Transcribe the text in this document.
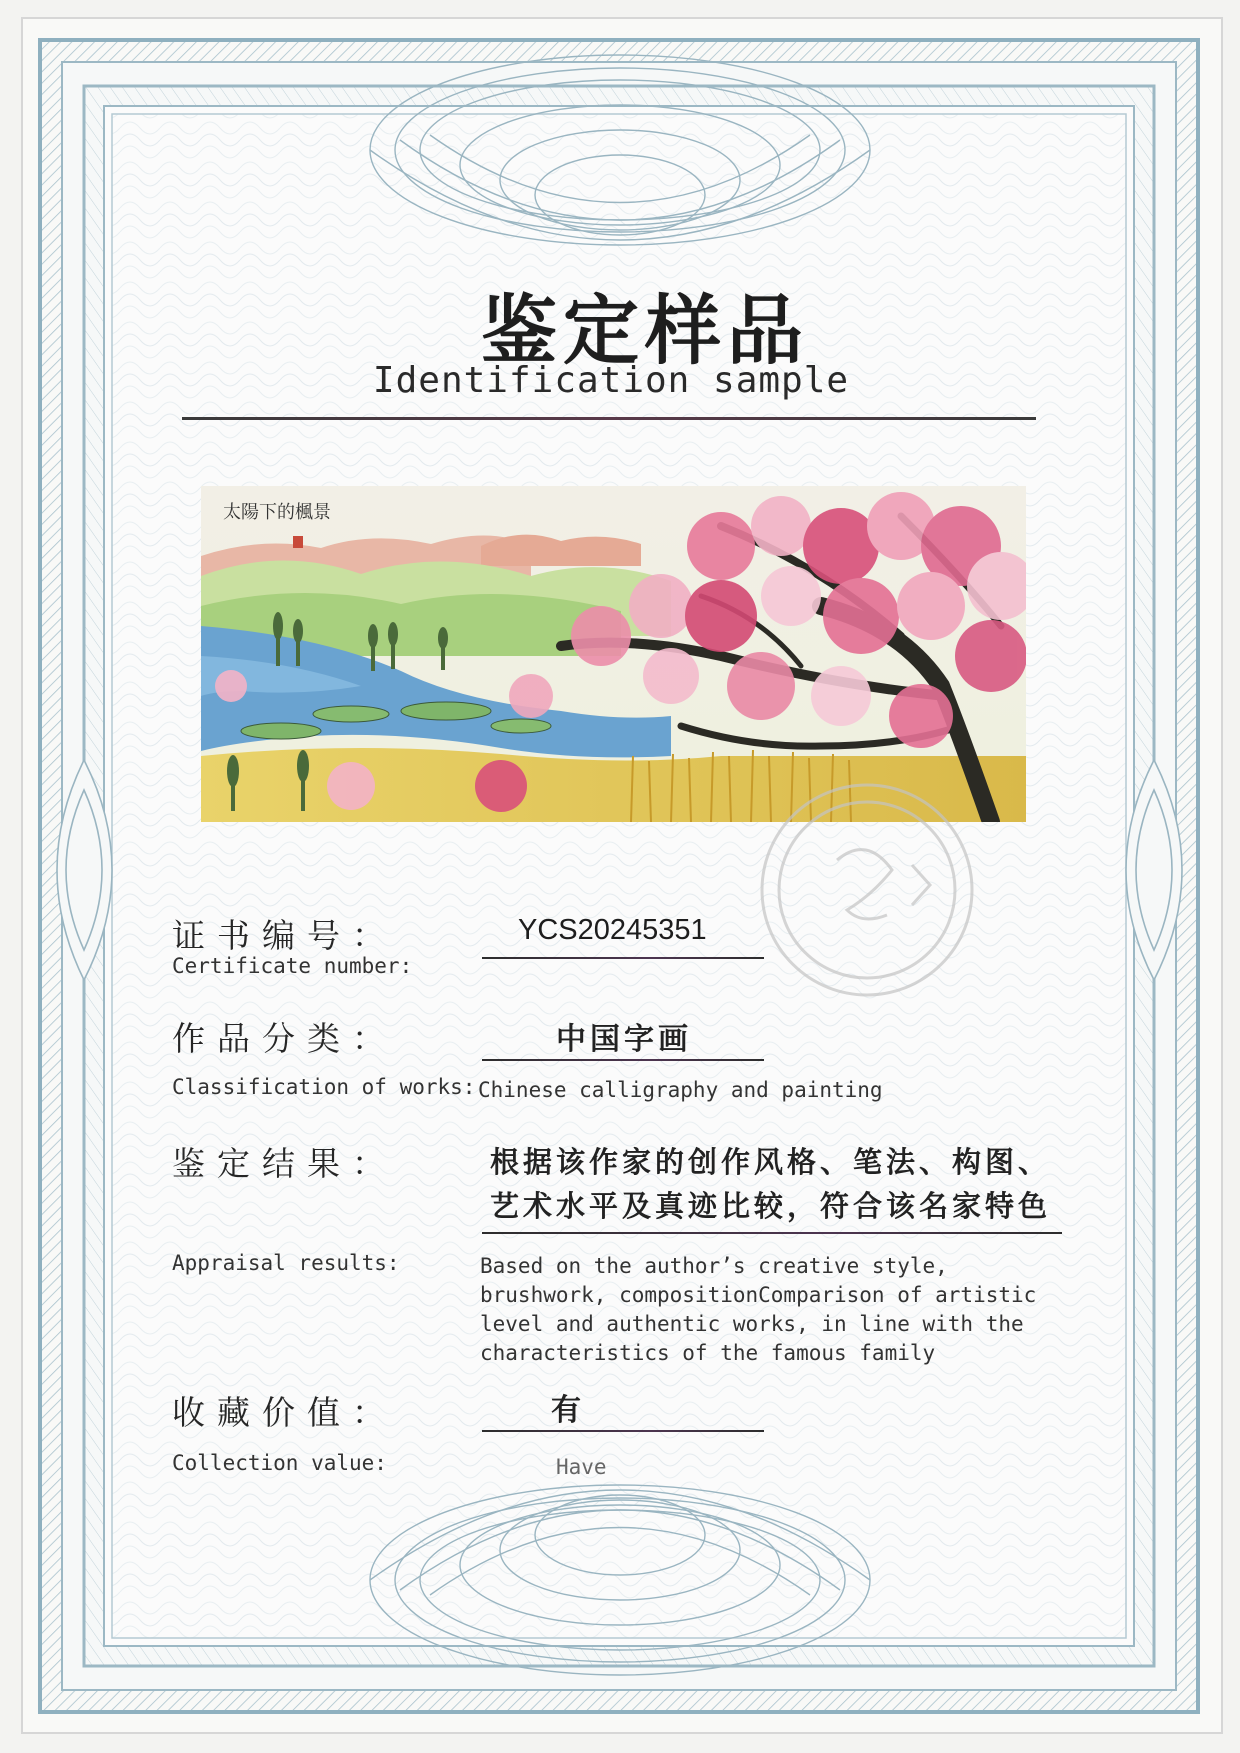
鉴定样品
Identification sample
太陽下的楓景
证书编号：
Certificate number:
YCS20245351
作品分类：	中国字画
Classification of works: Chinese calligraphy and painting
鉴定结果：	根据该作家的创作风格、笔法、构图、
艺术水平及真迹比较，符合该名家特色
Appraisal results:	Based on the author’s creative style,
brushwork, compositionComparison of artistic
level and authentic works, in line with the
characteristics of the famous family
收藏价值：	有
Collection value:	Have
